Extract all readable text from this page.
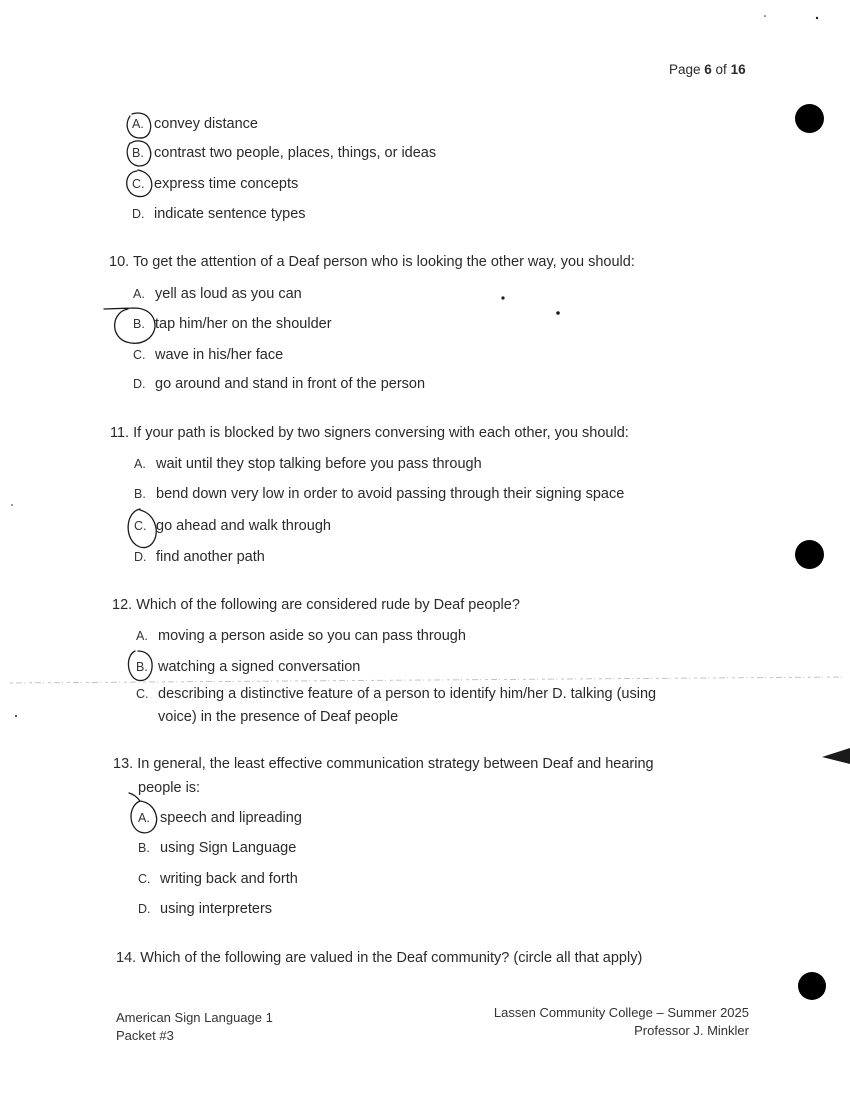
Page 6 of 16
A. convey distance
B. contrast two people, places, things, or ideas
C. express time concepts
D. indicate sentence types
10. To get the attention of a Deaf person who is looking the other way, you should:
A. yell as loud as you can
B. tap him/her on the shoulder
C. wave in his/her face
D. go around and stand in front of the person
11. If your path is blocked by two signers conversing with each other, you should:
A. wait until they stop talking before you pass through
B. bend down very low in order to avoid passing through their signing space
C. go ahead and walk through
D. find another path
12. Which of the following are considered rude by Deaf people?
A. moving a person aside so you can pass through
B. watching a signed conversation
C. describing a distinctive feature of a person to identify him/her D. talking (using
voice) in the presence of Deaf people
13. In general, the least effective communication strategy between Deaf and hearing
people is:
A. speech and lipreading
B. using Sign Language
C. writing back and forth
D. using interpreters
14. Which of the following are valued in the Deaf community? (circle all that apply)
American Sign Language 1
Packet #3
Lassen Community College – Summer 2025
Professor J. Minkler
